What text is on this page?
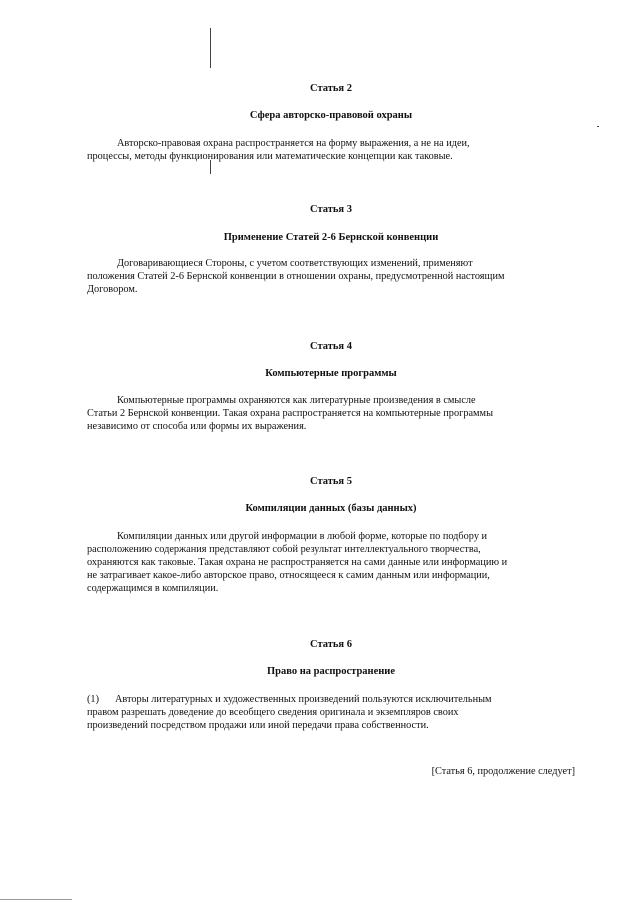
Статья 2
Сфера авторско-правовой охраны
Авторско-правовая охрана распространяется на форму выражения, а не на идеи,
процессы, методы функционирования или математические концепции как таковые.
Статья 3
Применение Статей 2-6 Бернской конвенции
Договаривающиеся Стороны, с учетом соответствующих изменений, применяют
положения Статей 2-6 Бернской конвенции в отношении охраны, предусмотренной настоящим
Договором.
Статья 4
Компьютерные программы
Компьютерные программы охраняются как литературные произведения в смысле
Статьи 2 Бернской конвенции. Такая охрана распространяется на компьютерные программы
независимо от способа или формы их выражения.
Статья 5
Компиляции данных (базы данных)
Компиляции данных или другой информации в любой форме, которые по подбору и
расположению содержания представляют собой результат интеллектуального творчества,
охраняются как таковые. Такая охрана не распространяется на сами данные или информацию и
не затрагивает какое-либо авторское право, относящееся к самим данным или информации,
содержащимся в компиляции.
Статья 6
Право на распространение
(1) Авторы литературных и художественных произведений пользуются исключительным
правом разрешать доведение до всеобщего сведения оригинала и экземпляров своих
произведений посредством продажи или иной передачи права собственности.
[Статья 6, продолжение следует]
